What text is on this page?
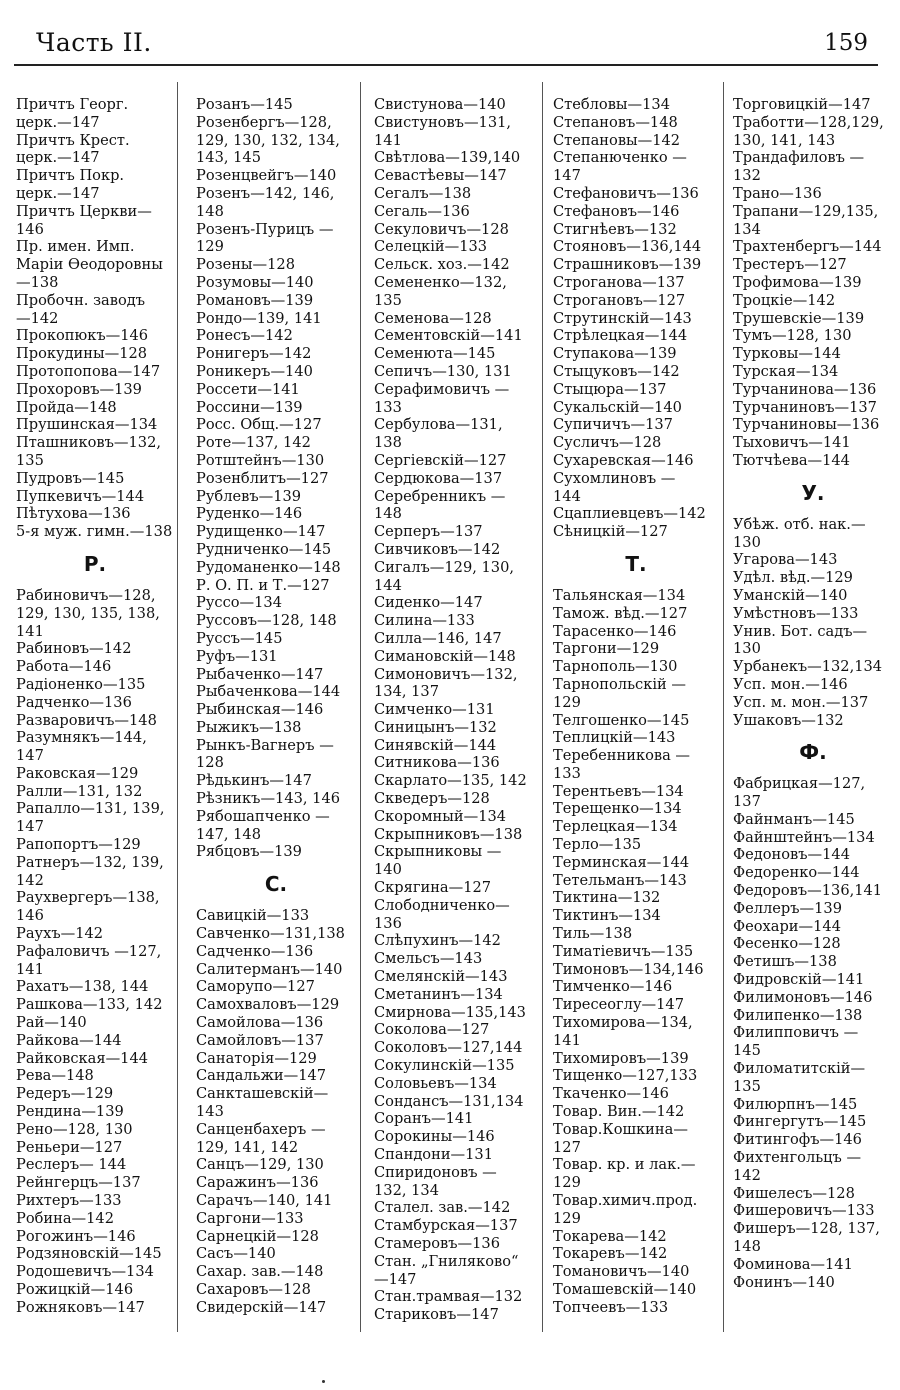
Часть II.	159
Причтъ Георг.
церк.—147
Причтъ Крест.
церк.—147
Причтъ Покр.
церк.—147
Причтъ Церкви—
146
Пр. имен. Имп.
Маріи Өеодоровны
—138
Пробочн. заводъ
—142
Прокопюкъ—146
Прокудины—128
Протопопова—147
Прохоровъ—139
Пройда—148
Прушинская—134
Пташниковъ—132,
135
Пудровъ—145
Пупкевичъ—144
Пѣтухова—136
5-я муж. гимн.—138
Р.
Рабиновичъ—128,
129, 130, 135, 138,
141
Рабиновъ—142
Работа—146
Радіоненко—135
Радченко—136
Разваровичъ—148
Разумнякъ—144,
147
Раковская—129
Ралли—131, 132
Рапалло—131, 139,
147
Рапопортъ—129
Ратнеръ—132, 139,
142
Раухвергеръ—138,
146
Раухъ—142
Рафаловичъ —127,
141
Рахатъ—138, 144
Рашкова—133, 142
Рай—140
Райкова—144
Райковская—144
Рева—148
Редеръ—129
Рендина—139
Рено—128, 130
Реньери—127
Реслеръ— 144
Рейнгерцъ—137
Рихтеръ—133
Робина—142
Рогожинъ—146
Родзяновскій—145
Родошевичъ—134
Рожицкій—146
Рожняковъ—147
Розанъ—145
Розенбергъ—128,
129, 130, 132, 134,
143, 145
Розенцвейгъ—140
Розенъ—142, 146,
148
Розенъ-Пурицъ —
129
Розены—128
Розумовы—140
Романовъ—139
Рондо—139, 141
Ронесъ—142
Ронигеръ—142
Роникеръ—140
Россети—141
Россини—139
Росс. Общ.—127
Роте—137, 142
Ротштейнъ—130
Розенблитъ—127
Рублевъ—139
Руденко—146
Рудищенко—147
Рудниченко—145
Рудоманенко—148
Р. О. П. и Т.—127
Руссо—134
Руссовъ—128, 148
Руссъ—145
Руфъ—131
Рыбаченко—147
Рыбаченкова—144
Рыбинская—146
Рыжикъ—138
Рынкъ-Вагнеръ —
128
Рѣдькинъ—147
Рѣзникъ—143, 146
Рябошапченко —
147, 148
Рябцовъ—139
С.
Савицкій—133
Савченко—131,138
Садченко—136
Салитерманъ—140
Саморупо—127
Самохваловъ—129
Самойлова—136
Самойловъ—137
Санаторія—129
Сандальжи—147
Санкташевскій—
143
Санценбахеръ —
129, 141, 142
Санцъ—129, 130
Саражинъ—136
Сарачъ—140, 141
Саргони—133
Сарнецкій—128
Сасъ—140
Сахар. зав.—148
Сахаровъ—128
Свидерскій—147
Свистунова—140
Свистуновъ—131,
141
Свѣтлова—139,140
Севастѣевы—147
Сегалъ—138
Сегаль—136
Секуловичъ—128
Селецкій—133
Сельск. хоз.—142
Семененко—132,
135
Семенова—128
Сементовскій—141
Семенюта—145
Сепичъ—130, 131
Серафимовичъ —
133
Сербулова—131,
138
Сергіевскій—127
Сердюкова—137
Серебренникъ —
148
Серперъ—137
Сивчиковъ—142
Сигалъ—129, 130,
144
Сиденко—147
Силина—133
Силла—146, 147
Симановскій—148
Симоновичъ—132,
134, 137
Симченко—131
Синицынъ—132
Синявскій—144
Ситникова—136
Скарлато—135, 142
Скведеръ—128
Скоромный—134
Скрыпниковъ—138
Скрыпниковы —
140
Скрягина—127
Слободниченко—
136
Слѣпухинъ—142
Смельсъ—143
Смелянскій—143
Сметанинъ—134
Смирнова—135,143
Соколова—127
Соколовъ—127,144
Сокулинскій—135
Соловьевъ—134
Сондансъ—131,134
Соранъ—141
Сорокины—146
Спандони—131
Спиридоновъ —
132, 134
Сталел. зав.—142
Стамбурская—137
Стамеровъ—136
Стан. „Гниляково“
—147
Стан.трамвая—132
Стариковъ—147
Стебловы—134
Степановъ—148
Степановы—142
Степанюченко —
147
Стефановичъ—136
Стефановъ—146
Стигнѣевъ—132
Стояновъ—136,144
Страшниковъ—139
Строганова—137
Строгановъ—127
Струтинскій—143
Стрѣлецкая—144
Ступакова—139
Стыцуковъ—142
Стыцюра—137
Сукальскій—140
Супичичъ—137
Сусличъ—128
Сухаревская—146
Сухомлиновъ —
144
Сцаплиевцевъ—142
Сѣницкій—127
Т.
Тальянская—134
Тамож. вѣд.—127
Тарасенко—146
Таргони—129
Тарнополь—130
Тарнопольскій —
129
Телгошенко—145
Теплицкій—143
Теребенникова —
133
Терентьевъ—134
Терещенко—134
Терлецкая—134
Терло—135
Терминская—144
Тетельманъ—143
Тиктина—132
Тиктинъ—134
Тиль—138
Тиматіевичъ—135
Тимоновъ—134,146
Тимченко—146
Тиресеоглу—147
Тихомирова—134,
141
Тихомировъ—139
Тищенко—127,133
Ткаченко—146
Товар. Вин.—142
Товар.Кошкина—
127
Товар. кр. и лак.—
129
Товар.химич.прод.
129
Токарева—142
Токаревъ—142
Томановичъ—140
Томашевскій—140
Топчеевъ—133
Торговицкій—147
Тработти—128,129,
130, 141, 143
Трандафиловъ —
132
Трано—136
Трапани—129,135,
134
Трахтенбергъ—144
Трестеръ—127
Трофимова—139
Троцкіе—142
Трушевскіе—139
Тумъ—128, 130
Турковы—144
Турская—134
Турчанинова—136
Турчаниновъ—137
Турчаниновы—136
Тыховичъ—141
Тютчѣева—144
У.
Убѣж. отб. нак.—
130
Угарова—143
Удѣл. вѣд.—129
Уманскій—140
Умѣстновъ—133
Унив. Бот. садъ—
130
Урбанекъ—132,134
Усп. мон.—146
Усп. м. мон.—137
Ушаковъ—132
Ф.
Фабрицкая—127,
137
Файнманъ—145
Файнштейнъ—134
Федоновъ—144
Федоренко—144
Федоровъ—136,141
Феллеръ—139
Феохари—144
Фесенко—128
Фетишъ—138
Фидровскій—141
Филимоновъ—146
Филипенко—138
Филипповичъ —
145
Филоматитскій—
135
Филюрпнъ—145
Фингергутъ—145
Фитингофъ—146
Фихтенгольцъ —
142
Фишелесъ—128
Фишеровичъ—133
Фишеръ—128, 137,
148
Фоминова—141
Фонинъ—140
